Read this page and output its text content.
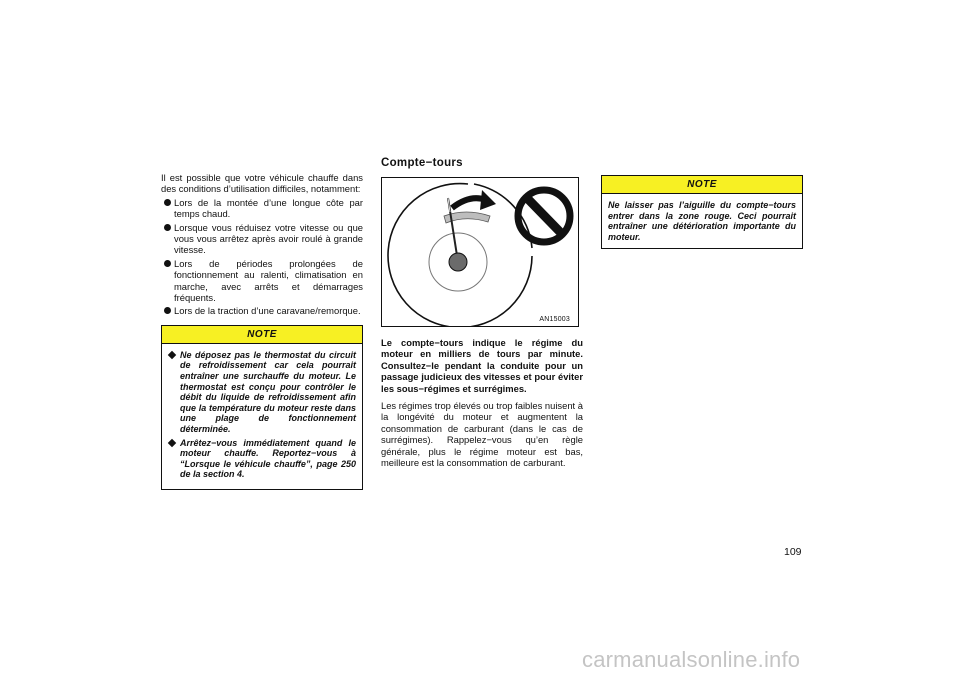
Il est possible que votre véhicule chauffe dans des conditions d’utilisation difficiles, notamment:

Lors de la montée d’une longue côte par temps chaud.
Lorsque vous réduisez votre vitesse ou que vous vous arrêtez après avoir roulé à grande vitesse.
Lors de périodes prolongées de fonctionnement au ralenti, climatisation en marche, avec arrêts et démarrages fréquents.
Lors de la traction d’une caravane/remorque.
NOTE
Ne déposez pas le thermostat du circuit de refroidissement car cela pourrait entraîner une surchauffe du moteur. Le thermostat est conçu pour contrôler le débit du liquide de refroidissement afin que la température du moteur reste dans une plage de fonctionnement déterminée.
Arrêtez−vous immédiatement quand le moteur chauffe. Reportez−vous à “Lorsque le véhicule chauffe”, page 250 de la section 4.
Compte−tours
AN15003

Le compte−tours indique le régime du moteur en milliers de tours par minute. Consultez−le pendant la conduite pour un passage judicieux des vitesses et pour éviter les sous−régimes et surrégimes.

Les régimes trop élevés ou trop faibles nuisent à la longévité du moteur et augmentent la consommation de carburant (dans le cas de surrégimes). Rappelez−vous qu’en règle générale, plus le régime moteur est bas, meilleure est la consommation de carburant.

NOTE

Ne laisser pas l’aiguille du compte−tours entrer dans la zone rouge. Ceci pourrait entraîner une détérioration importante du moteur.

109
carmanualsonline.info
